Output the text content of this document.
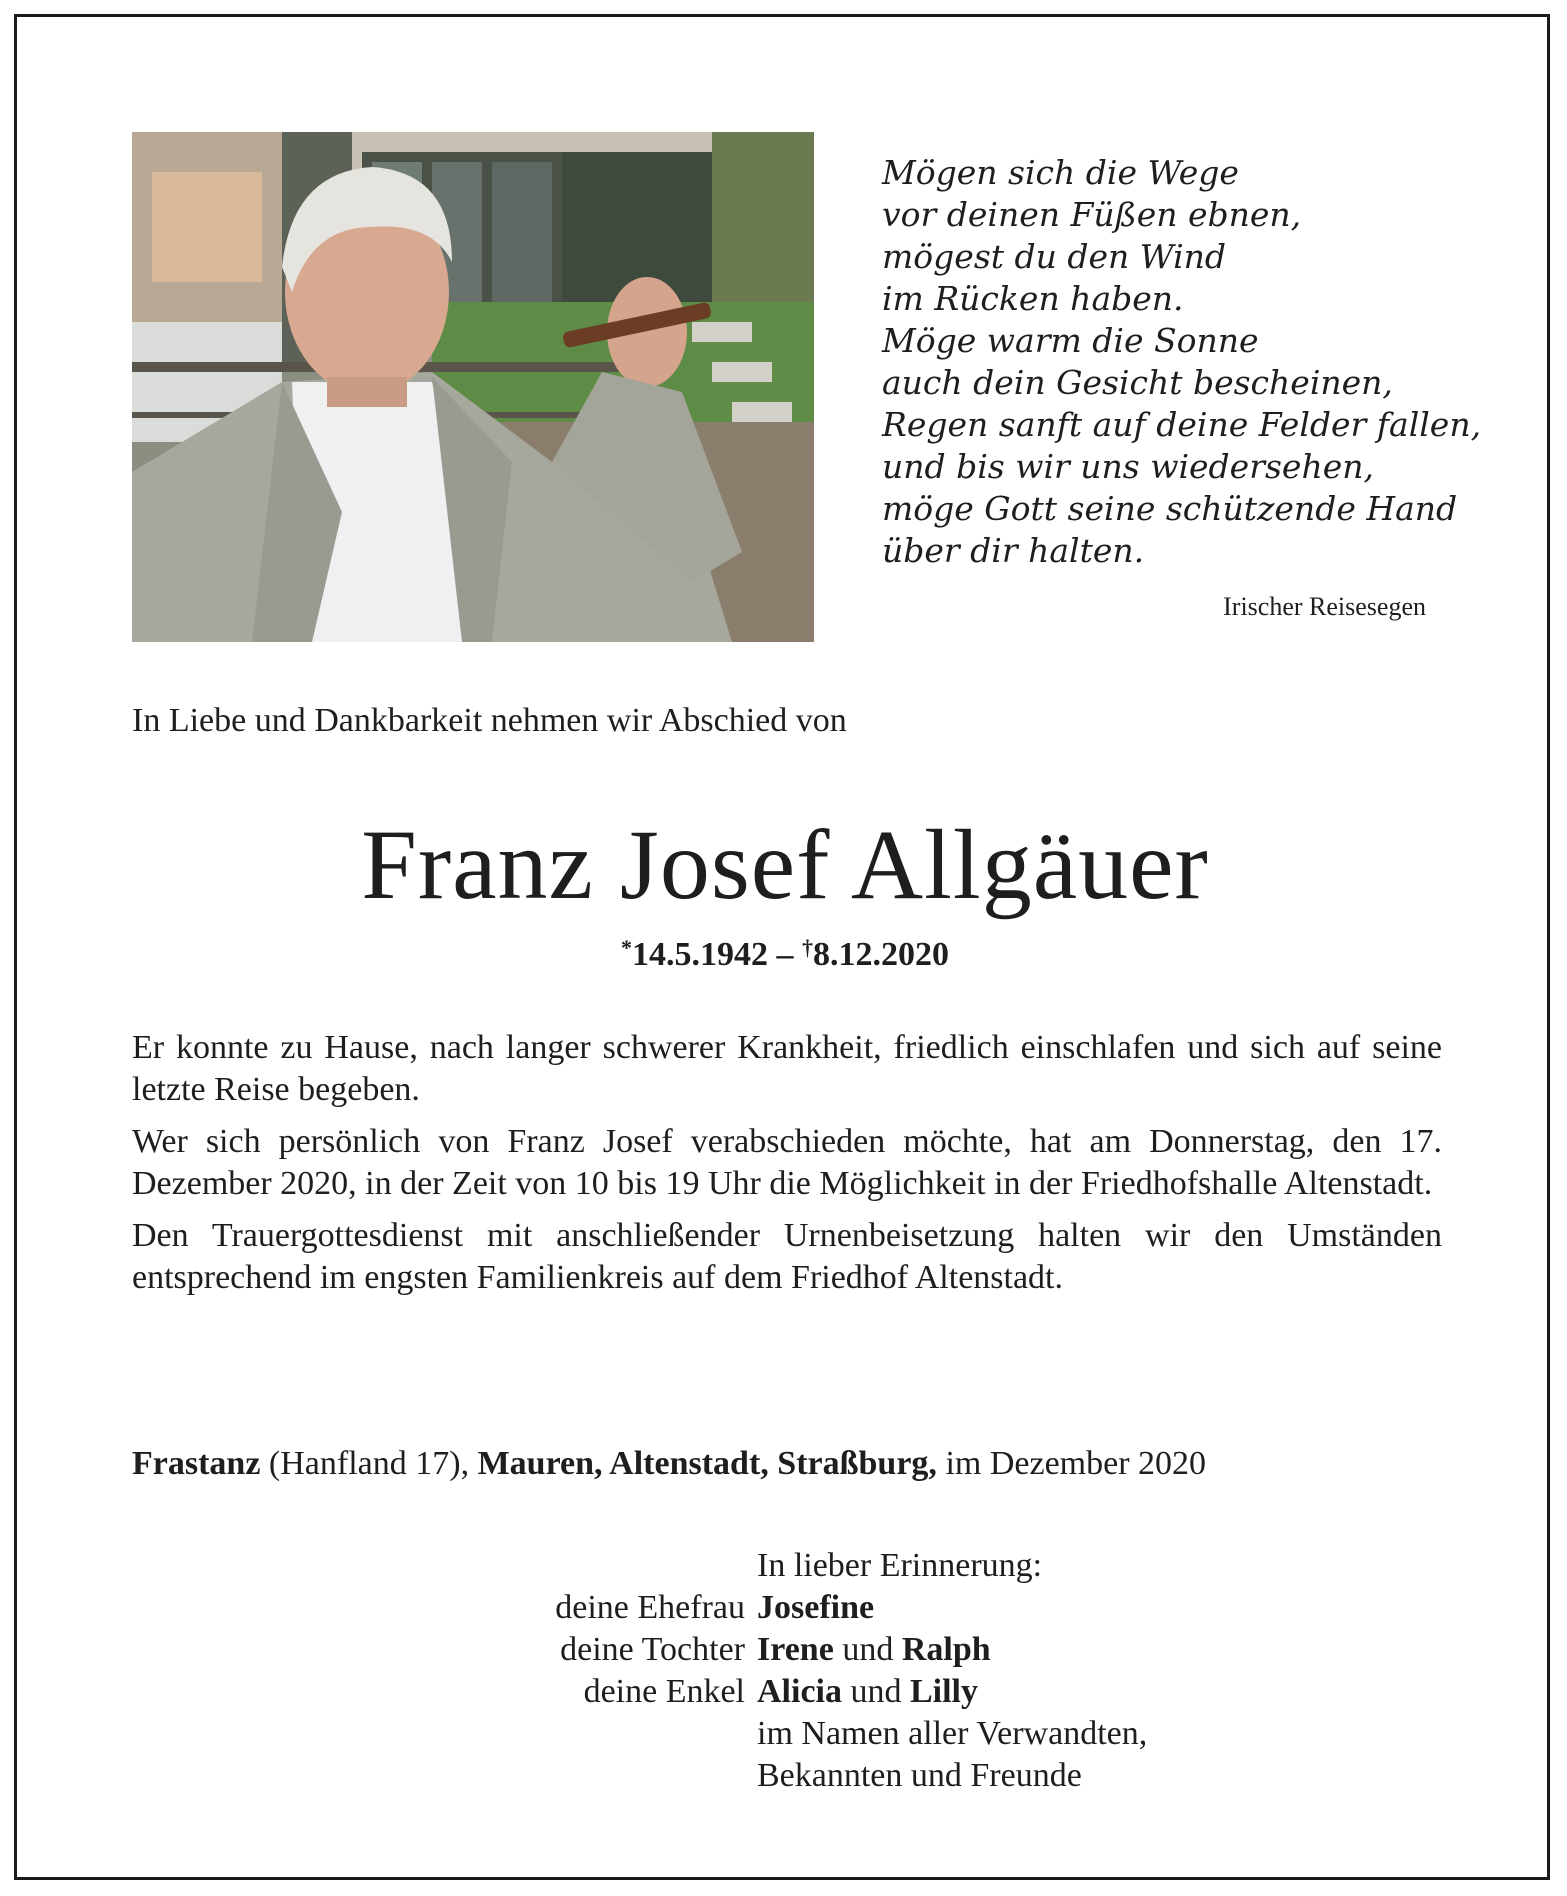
Mögen sich die Wege
vor deinen Füßen ebnen,
mögest du den Wind
im Rücken haben.
Möge warm die Sonne
auch dein Gesicht bescheinen,
Regen sanft auf deine Felder fallen,
und bis wir uns wiedersehen,
möge Gott seine schützende Hand
über dir halten.
Irischer Reisesegen
In Liebe und Dankbarkeit nehmen wir Abschied von
Franz Josef Allgäuer
*14.5.1942 – †8.12.2020

Er konnte zu Hause, nach langer schwerer Krankheit, friedlich einschlafen und sich auf seine letzte Reise begeben.

Wer sich persönlich von Franz Josef verabschieden möchte, hat am Donnerstag, den 17. Dezember 2020, in der Zeit von 10 bis 19 Uhr die Möglichkeit in der Friedhofshalle Altenstadt.

Den Trauergottesdienst mit anschließender Urnenbeisetzung halten wir den Umständen entsprechend im engsten Familienkreis auf dem Friedhof Altenstadt.

Frastanz (Hanfland 17), Mauren, Altenstadt, Straßburg, im Dezember 2020
In lieber Erinnerung:
deine Ehefrau Josefine
deine Tochter Irene und Ralph
deine Enkel Alicia und Lilly
im Namen aller Verwandten,
Bekannten und Freunde
